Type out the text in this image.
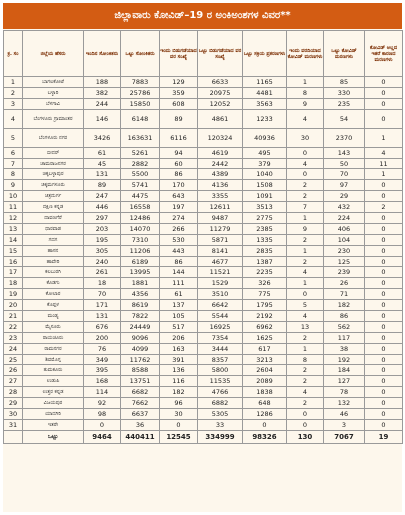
ಜಿಲ್ಲಾವಾರು ಕೋವಿಡ್–19 ರ ಅಂಕಿಅಂಶಗಳ ವಿವರ**
ಕ್ರ. ಸಂ	ಜಿಲ್ಲೆಯ ಹೆಸರು	ಇಂದಿನ ಸೋಂಕಿತರು	ಒಟ್ಟು ಸೋಂಕಿತರು	ಇಂದು ಬಿಡುಗಡೆಯಾದ ವರ ಸಂಖ್ಯೆ	ಒಟ್ಟು ಬಿಡುಗಡೆಯಾದ ವರ ಸಂಖ್ಯೆ	ಒಟ್ಟು ಸಕ್ರಿಯ ಪ್ರಕರಣಗಳು	ಇಂದು ವರದಿಯಾದ ಕೋವಿಡ್ ಮರಣಗಳು	ಒಟ್ಟು ಕೋವಿಡ್ ಮರಣಗಳು	ಕೋವಿಡ್ ಅಲ್ಲದ ಇತರೆ ಕಾರಣದ ಮರಣಗಳು
1	ಬಾಗಲಕೋಟೆ	188	7883	129	6633	1165	1	85	0
2	ಬಳ್ಳಾರಿ	382	25786	359	20975	4481	8	330	0
3	ಬೆಳಗಾವಿ	244	15850	608	12052	3563	9	235	0
4	ಬೆಂಗಳೂರು ಗ್ರಾಮಾಂತರ	146	6148	89	4861	1233	4	54	0
5	ಬೆಂಗಳೂರು ನಗರ	3426	163631	6116	120324	40936	30	2370	1
6	ಬೀದರ್	61	5261	94	4619	495	0	143	4
7	ಚಾಮರಾಜನಗರ	45	2882	60	2442	379	4	50	11
8	ಚಿಕ್ಕಬಳ್ಳಾಪುರ	131	5500	86	4389	1040	0	70	1
9	ಚಿಕ್ಕಮಗಳೂರು	89	5741	170	4136	1508	2	97	0
10	ಚಿತ್ರದುರ್ಗ	247	4475	643	3355	1091	2	29	0
11	ದಕ್ಷಿಣ ಕನ್ನಡ	446	16558	197	12611	3513	7	432	2
12	ದಾವಣಗೆರೆ	297	12486	274	9487	2775	1	224	0
13	ಧಾರವಾಡ	203	14070	266	11279	2385	9	406	0
14	ಗದಗ	195	7310	530	5871	1335	2	104	0
15	ಹಾಸನ	305	11206	443	8141	2835	1	230	0
16	ಹಾವೇರಿ	240	6189	86	4677	1387	2	125	0
17	ಕಲಬುರಗಿ	261	13995	144	11521	2235	4	239	0
18	ಕೊಡಗು	18	1881	111	1529	326	1	26	0
19	ಕೋಲಾರ	70	4356	61	3510	775	0	71	0
20	ಕೊಪ್ಪಳ	171	8619	137	6642	1795	5	182	0
21	ಮಂಡ್ಯ	131	7822	105	5544	2192	4	86	0
22	ಮೈಸೂರು	676	24449	517	16925	6962	13	562	0
23	ರಾಯಚೂರು	200	9096	206	7354	1625	2	117	0
24	ರಾಮನಗರ	76	4099	163	3444	617	1	38	0
25	ಶಿವಮೊಗ್ಗ	349	11762	391	8357	3213	8	192	0
26	ತುಮಕೂರು	395	8588	136	5800	2604	2	184	0
27	ಉಡುಪಿ	168	13751	116	11535	2089	2	127	0
28	ಉತ್ತರ ಕನ್ನಡ	114	6682	182	4766	1838	4	78	0
29	ವಿಜಯಪುರ	92	7662	96	6882	648	2	132	0
30	ಯಾದಗಿರಿ	98	6637	30	5305	1286	0	46	0
31	ಇತರೇ	0	36	0	33	0	0	3	0
	ಒಟ್ಟು	9464	440411	12545	334999	98326	130	7067	19
